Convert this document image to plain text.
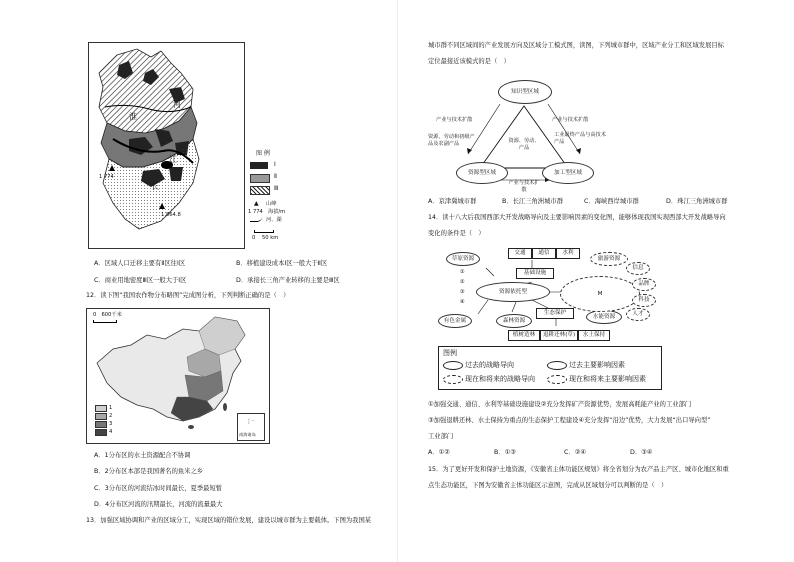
淮
河
江
长
1 774
1 864.8
图 例
Ⅰ
Ⅱ
Ⅲ
▲ 山峰
1 774 海拔/m
河、湖
0 50 km
A．区域人口迁移主要有Ⅱ区往Ⅰ区	B．移植建设成本Ⅰ区一般大于Ⅱ区
C．商业用地密度Ⅲ区一般大于Ⅰ区	D．承接长三角产业转移的主要是Ⅲ区
12．读下图“我国农作物分布略图”完成图分析，下列判断正确的是（　）
0　600千米
1
2
3
4
⋮·
南海诸岛
A．1分布区的水土资源配合不协调
B．2分布区本部是我国著名的鱼米之乡
C．3分布区的河流结冰时间最长，夏季最短暂
D．4分布区河流的汛期最长，河流的流量最大
13．加强区域协调和产业的区域分工，实现区域的错位发展，建设以城市群为主要载体。下图为我国某
城市群不同区域间的产业发展方向及区域分工模式图，读图，下列城市群中，区域产业分工和区域发展目标
定位最接近该模式的是（　）
知识型区域
资源型区域	加工型区域
产业与技术扩散	产业与技术扩散
资源、劳动和初级产品及农副产品
工业最终产品与高技术产品
资源、劳动、产品
产业与技术扩散
A．京津冀城市群	B．长江三角洲城市群	C．海峡西岸城市群	D．珠江三角洲城市群
14．读十八大后我国西部大开发战略导向及主要影响因素的变化图，能够体现我国实现西部大开发战略导向
变化的条件是（　）
交通	通信	水利
基础设施
草原资源
资源依托型
有色金属
生态保护
森林资源
水能资源
植树造林	退耕还林(草)	水土保持
M
旅游资源
信息
品牌
科技
人才
①
②
③
④
图例
过去的战略导向	过去主要影响因素
现在和将来的战略导向	现在和将来主要影响因素
①加强交通、通信、水利等基础设施建设②充分发挥矿产资源优势，发展高耗能产业的工业部门
③加强退耕还林、水土保持为重点的生态保护工程建设④充分发挥“沿边”优势，大力发展“出口导向型”
工业部门
A．①②	B．①③	C．②④	D．③④
15．为了更好开发和保护土地资源，《安徽省主体功能区规划》将全省划分为农产品主产区、城市化地区和重
点生态功能区，下图为安徽省主体功能区示意图，完成从区域划分可以判断的是（　）
